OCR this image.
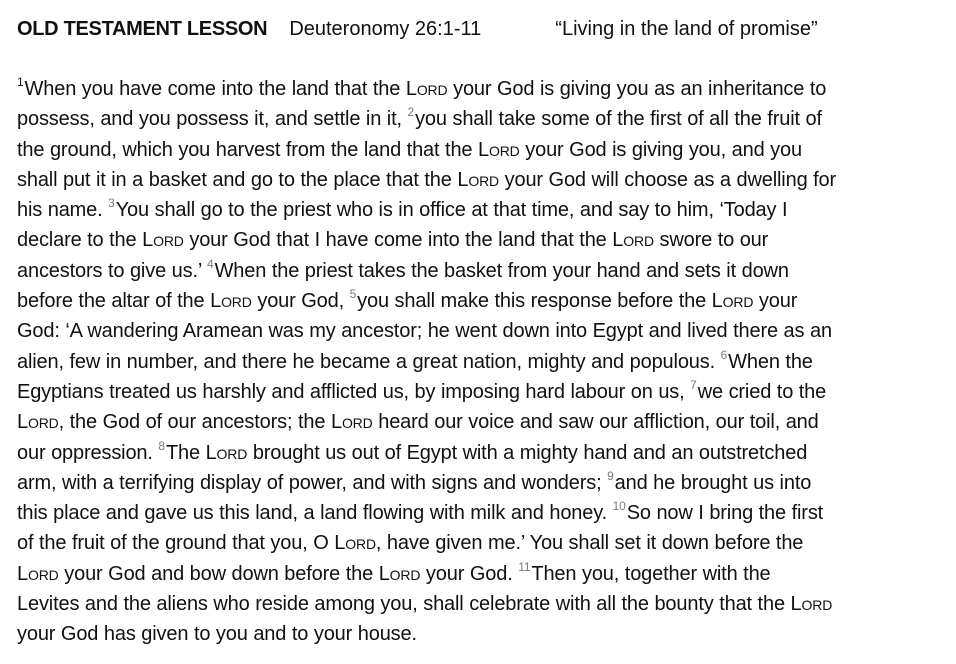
OLD TESTAMENT LESSON Deuteronomy 26:1-11	“Living in the land of promise”
$^1$When you have come into the land that the Lord your God is giving you as an inheritance to
possess, and you possess it, and settle in it, $^2$you shall take some of the first of all the fruit of
the ground, which you harvest from the land that the Lord your God is giving you, and you
shall put it in a basket and go to the place that the Lord your God will choose as a dwelling for
his name. $^3$You shall go to the priest who is in office at that time, and say to him, ‘Today I
declare to the Lord your God that I have come into the land that the Lord swore to our
ancestors to give us.’ $^4$When the priest takes the basket from your hand and sets it down
before the altar of the Lord your God, $^5$you shall make this response before the Lord your
God: ‘A wandering Aramean was my ancestor; he went down into Egypt and lived there as an
alien, few in number, and there he became a great nation, mighty and populous. $^6$When the
Egyptians treated us harshly and afflicted us, by imposing hard labour on us, $^7$we cried to the
Lord, the God of our ancestors; the Lord heard our voice and saw our affliction, our toil, and
our oppression. $^8$The Lord brought us out of Egypt with a mighty hand and an outstretched
arm, with a terrifying display of power, and with signs and wonders; $^9$and he brought us into
this place and gave us this land, a land flowing with milk and honey. $^{10}$So now I bring the first
of the fruit of the ground that you, O Lord, have given me.’ You shall set it down before the
Lord your God and bow down before the Lord your God. $^{11}$Then you, together with the
Levites and the aliens who reside among you, shall celebrate with all the bounty that the Lord
your God has given to you and to your house.
